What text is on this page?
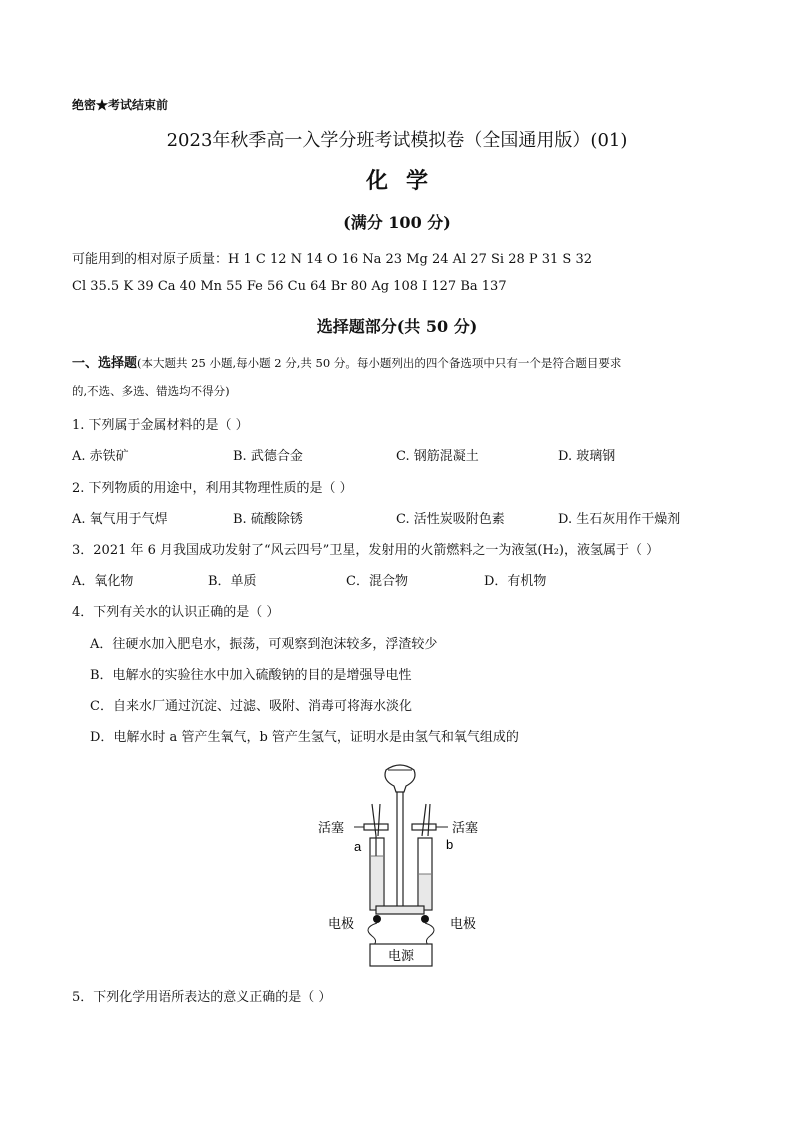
绝密★考试结束前
2023年秋季高一入学分班考试模拟卷（全国通用版）(01)
化学
(满分 100 分)
可能用到的相对原子质量：H 1 C 12 N 14 O 16 Na 23 Mg 24 Al 27 Si 28 P 31 S 32
Cl 35.5 K 39 Ca 40 Mn 55 Fe 56 Cu 64 Br 80 Ag 108 I 127 Ba 137
选择题部分(共 50 分)
一、选择题(本大题共 25 小题,每小题 2 分,共 50 分。每小题列出的四个备选项中只有一个是符合题目要求
的,不选、多选、错选均不得分)
1. 下列属于金属材料的是（ ）
A. 赤铁矿	B. 武德合金	C. 钢筋混凝土	D. 玻璃钢
2. 下列物质的用途中，利用其物理性质的是（ ）
A. 氧气用于气焊	B. 硫酸除锈	C. 活性炭吸附色素	D. 生石灰用作干燥剂
3．2021 年 6 月我国成功发射了“风云四号”卫星，发射用的火箭燃料之一为液氢(H₂)，液氢属于（ ）
A．氧化物	B．单质	C．混合物	D．有机物
4．下列有关水的认识正确的是（ ）
A．往硬水加入肥皂水，振荡，可观察到泡沫较多，浮渣较少
B．电解水的实验往水中加入硫酸钠的目的是增强导电性
C．自来水厂通过沉淀、过滤、吸附、消毒可将海水淡化
D．电解水时 a 管产生氧气，b 管产生氢气，证明水是由氢气和氧气组成的
活塞	活塞
a	b
电极	电极
电源
5．下列化学用语所表达的意义正确的是（ ）
